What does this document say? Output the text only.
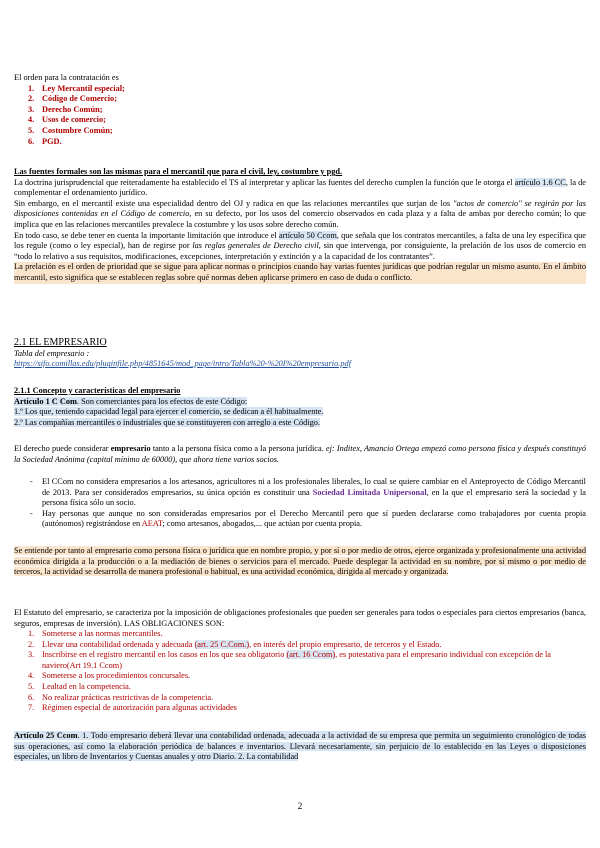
El orden para la contratación es
1. Ley Mercantil especial;
2. Código de Comercio;
3. Derecho Común;
4. Usos de comercio;
5. Costumbre Común;
6. PGD.
Las fuentes formales son las mismas para el mercantil que para el civil, ley, costumbre y pgd.
La doctrina jurisprudencial que reiteradamente ha establecido el TS al interpretar y aplicar las fuentes del derecho cumplen la función que le otorga el artículo 1.6 CC, la de complementar el ordenamiento jurídico.
Sin embargo, en el mercantil existe una especialidad dentro del OJ y radica en que las relaciones mercantiles que surjan de los "actos de comercio" se regirán por las disposiciones contenidas en el Código de comercio, en su defecto, por los usos del comercio observados en cada plaza y a falta de ambas por derecho común; lo que implica que en las relaciones mercantiles prevalece la costumbre y los usos sobre derecho común.
En todo caso, se debe tener en cuenta la importante limitación que introduce el artículo 50 Ccom, que señala que los contratos mercantiles, a falta de una ley específica que los regule (como o ley especial), han de regirse por las reglas generales de Derecho civil, sin que intervenga, por consiguiente, la prelación de los usos de comercio en “todo lo relativo a sus requisitos, modificaciones, excepciones, interpretación y extinción y a la capacidad de los contratantes”.
La prelación es el orden de prioridad que se sigue para aplicar normas o principios cuando hay varias fuentes jurídicas que podrían regular un mismo asunto. En el ámbito mercantil, esto significa que se establecen reglas sobre qué normas deben aplicarse primero en caso de duda o conflicto.
2.1 EL EMPRESARIO
Tabla del empresario :
https://sifo.comillas.edu/pluginfile.php/4851645/mod_page/intro/Tabla%20-%20I%20empresario.pdf
2.1.1 Concepto y características del empresario
Artículo 1 C Com. Son comerciantes para los efectos de este Código:
1.º Los que, teniendo capacidad legal para ejercer el comercio, se dedican a él habitualmente.
2.º Las compañías mercantiles o industriales que se constituyeren con arreglo a este Código.
El derecho puede considerar empresario tanto a la persona física como a la persona jurídica. ej: Inditex, Amancio Ortega empezó como persona física y después constituyó la Sociedad Anónima (capital mínimo de 60000), que ahora tiene varios socios.
- El CCom no considera empresarios a los artesanos, agricultores ni a los profesionales liberales, lo cual se quiere cambiar en el Anteproyecto de Código Mercantil de 2013. Para ser considerados empresarios, su única opción es constituir una Sociedad Limitada Unipersonal, en la que el empresario será la sociedad y la persona física sólo un socio.
- Hay personas que aunque no son consideradas empresarios por el Derecho Mercantil pero que sí pueden declararse como trabajadores por cuenta propia (autónomos) registrándose en AEAT; como artesanos, abogados,... que actúan por cuenta propia.
Se entiende por tanto al empresario como persona física o jurídica que en nombre propio, y por sí o por medio de otros, ejerce organizada y profesionalmente una actividad económica dirigida a la producción o a la mediación de bienes o servicios para el mercado. Puede desplegar la actividad en su nombre, por sí mismo o por medio de terceros, la actividad se desarrolla de manera profesional o habitual, es una actividad económica, dirigida al mercado y organizada.
El Estatuto del empresario, se caracteriza por la imposición de obligaciones profesionales que pueden ser generales para todos o especiales para ciertos empresarios (banca, seguros, empresas de inversión). LAS OBLIGACIONES SON:
1. Someterse a las normas mercantiles.
2. Llevar una contabilidad ordenada y adecuada (art. 25 C.Com.), en interés del propio empresario, de terceros y el Estado.
3. Inscribirse en el registro mercantil en los casos en los que sea obligatorio (art. 16 Ccom), es potestativa para el empresario individual con excepción de la naviero(Art 19.1 Ccom)
4. Someterse a los procedimientos concursales.
5. Lealtad en la competencia.
6. No realizar prácticas restrictivas de la competencia.
7. Régimen especial de autorización para algunas actividades
Artículo 25 Ccom. 1. Todo empresario deberá llevar una contabilidad ordenada, adecuada a la actividad de su empresa que permita un seguimiento cronológico de todas sus operaciones, así como la elaboración periódica de balances e inventarios. Llevará necesariamente, sin perjuicio de lo establecido en las Leyes o disposiciones especiales, un libro de Inventarios y Cuentas anuales y otro Diario. 2. La contabilidad
2
